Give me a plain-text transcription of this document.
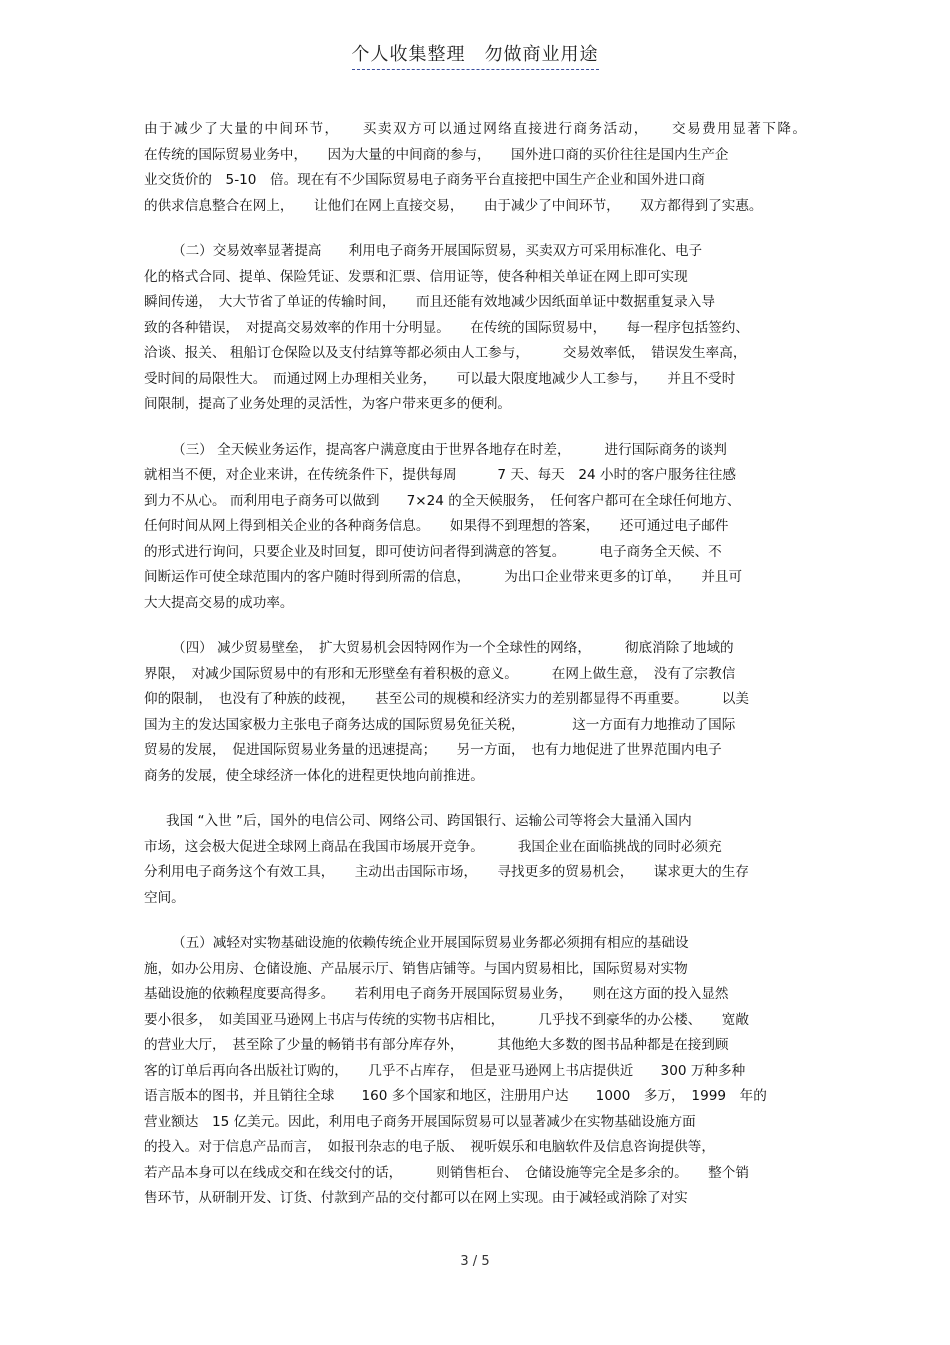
个人收集整理　勿做商业用途
由于减少了大量的中间环节，　　买卖双方可以通过网络直接进行商务活动，　　交易费用显著下降。
在传统的国际贸易业务中，　　因为大量的中间商的参与，　　国外进口商的买价往往是国内生产企
业交货价的　5-10　倍。现在有不少国际贸易电子商务平台直接把中国生产企业和国外进口商
的供求信息整合在网上，　　让他们在网上直接交易，　　由于减少了中间环节，　　双方都得到了实惠。
（二）交易效率显著提高　　利用电子商务开展国际贸易，买卖双方可采用标准化、电子
化的格式合同、提单、保险凭证、发票和汇票、信用证等，使各种相关单证在网上即可实现
瞬间传递，　大大节省了单证的传输时间，　　而且还能有效地减少因纸面单证中数据重复录入导
致的各种错误，　对提高交易效率的作用十分明显。　　在传统的国际贸易中，　　每一程序包括签约、
洽谈、报关、 租船订仓保险以及支付结算等都必须由人工参与，　　　交易效率低，　错误发生率高，
受时间的局限性大。　而通过网上办理相关业务，　　可以最大限度地减少人工参与，　　并且不受时
间限制，提高了业务处理的灵活性，为客户带来更多的便利。
（三） 全天候业务运作，提高客户满意度由于世界各地存在时差，　　　进行国际商务的谈判
就相当不便，对企业来讲，在传统条件下，提供每周　　　7 天、每天　24 小时的客户服务往往感
到力不从心。 而利用电子商务可以做到　　7×24 的全天候服务，　任何客户都可在全球任何地方、
任何时间从网上得到相关企业的各种商务信息。　　如果得不到理想的答案，　　还可通过电子邮件
的形式进行询问，只要企业及时回复，即可使访问者得到满意的答复。　　　电子商务全天候、不
间断运作可使全球范围内的客户随时得到所需的信息，　　　为出口企业带来更多的订单，　　并且可
大大提高交易的成功率。
（四） 减少贸易壁垒，　扩大贸易机会因特网作为一个全球性的网络，　　　彻底消除了地域的
界限，　对减少国际贸易中的有形和无形壁垒有着积极的意义。　　　在网上做生意，　没有了宗教信
仰的限制，　也没有了种族的歧视，　　甚至公司的规模和经济实力的差别都显得不再重要。　　　以美
国为主的发达国家极力主张电子商务达成的国际贸易免征关税，　　　　这一方面有力地推动了国际
贸易的发展，　促进国际贸易业务量的迅速提高；　　另一方面，　也有力地促进了世界范围内电子
商务的发展，使全球经济一体化的进程更快地向前推进。
我国 “入世 ”后，国外的电信公司、网络公司、跨国银行、运输公司等将会大量涌入国内
市场，这会极大促进全球网上商品在我国市场展开竞争。　　　我国企业在面临挑战的同时必须充
分利用电子商务这个有效工具，　　主动出击国际市场，　　寻找更多的贸易机会，　　谋求更大的生存
空间。
（五）减轻对实物基础设施的依赖传统企业开展国际贸易业务都必须拥有相应的基础设
施，如办公用房、仓储设施、产品展示厅、销售店铺等。与国内贸易相比，国际贸易对实物
基础设施的依赖程度要高得多。　　若利用电子商务开展国际贸易业务，　　则在这方面的投入显然
要小很多，　如美国亚马逊网上书店与传统的实物书店相比，　　　几乎找不到豪华的办公楼、　　宽敞
的营业大厅，　甚至除了少量的畅销书有部分库存外，　　　其他绝大多数的图书品种都是在接到顾
客的订单后再向各出版社订购的，　　几乎不占库存，　但是亚马逊网上书店提供近　　300 万种多种
语言版本的图书，并且销往全球　　160 多个国家和地区，注册用户达　　1000　多万，　1999　年的
营业额达　15 亿美元。因此，利用电子商务开展国际贸易可以显著减少在实物基础设施方面
的投入。对于信息产品而言，　如报刊杂志的电子版、　视听娱乐和电脑软件及信息咨询提供等，
若产品本身可以在线成交和在线交付的话，　　　则销售柜台、　仓储设施等完全是多余的。　　整个销
售环节，从研制开发、订货、付款到产品的交付都可以在网上实现。由于减轻或消除了对实
3 / 5
